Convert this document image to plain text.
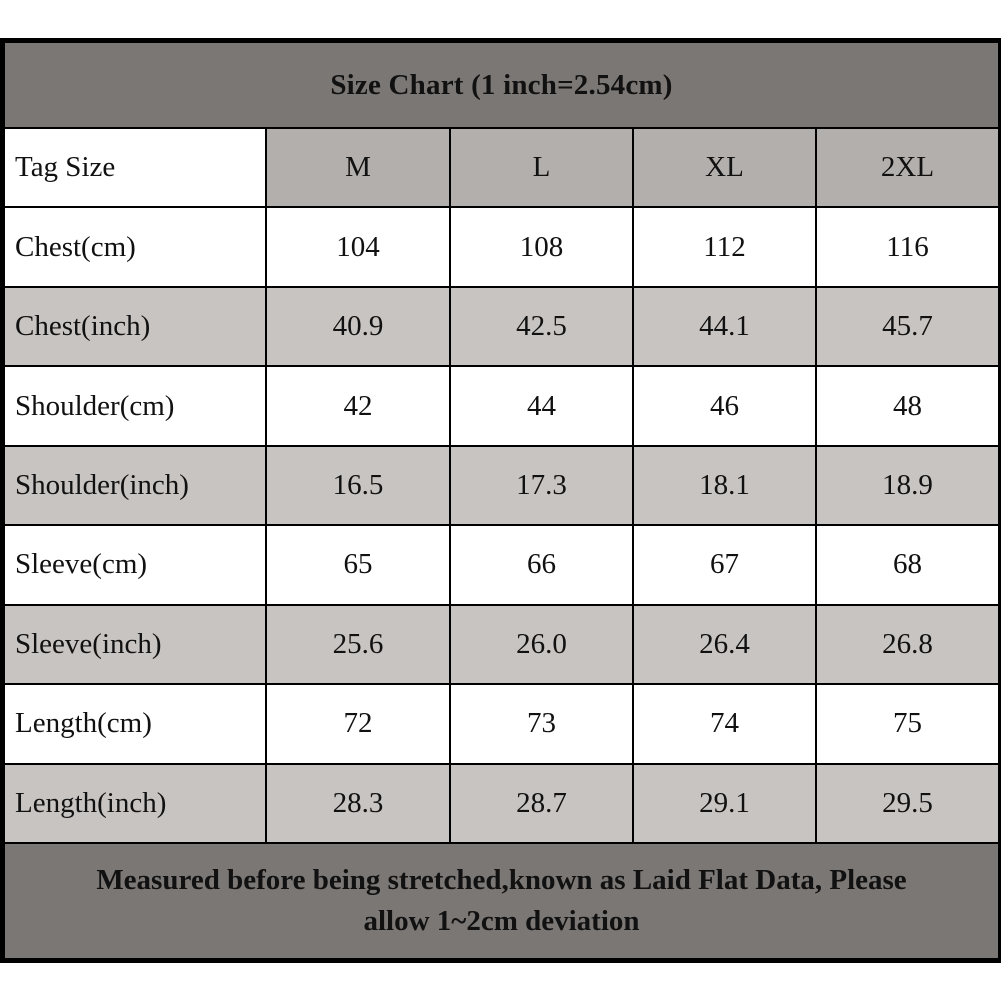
Size Chart (1 inch=2.54cm)				
Tag Size	M	L	XL	2XL
Chest(cm)	104	108	112	116
Chest(inch)	40.9	42.5	44.1	45.7
Shoulder(cm)	42	44	46	48
Shoulder(inch)	16.5	17.3	18.1	18.9
Sleeve(cm)	65	66	67	68
Sleeve(inch)	25.6	26.0	26.4	26.8
Length(cm)	72	73	74	75
Length(inch)	28.3	28.7	29.1	29.5

Measured before being stretched,known as Laid Flat Data, Please
allow 1~2cm deviation				
